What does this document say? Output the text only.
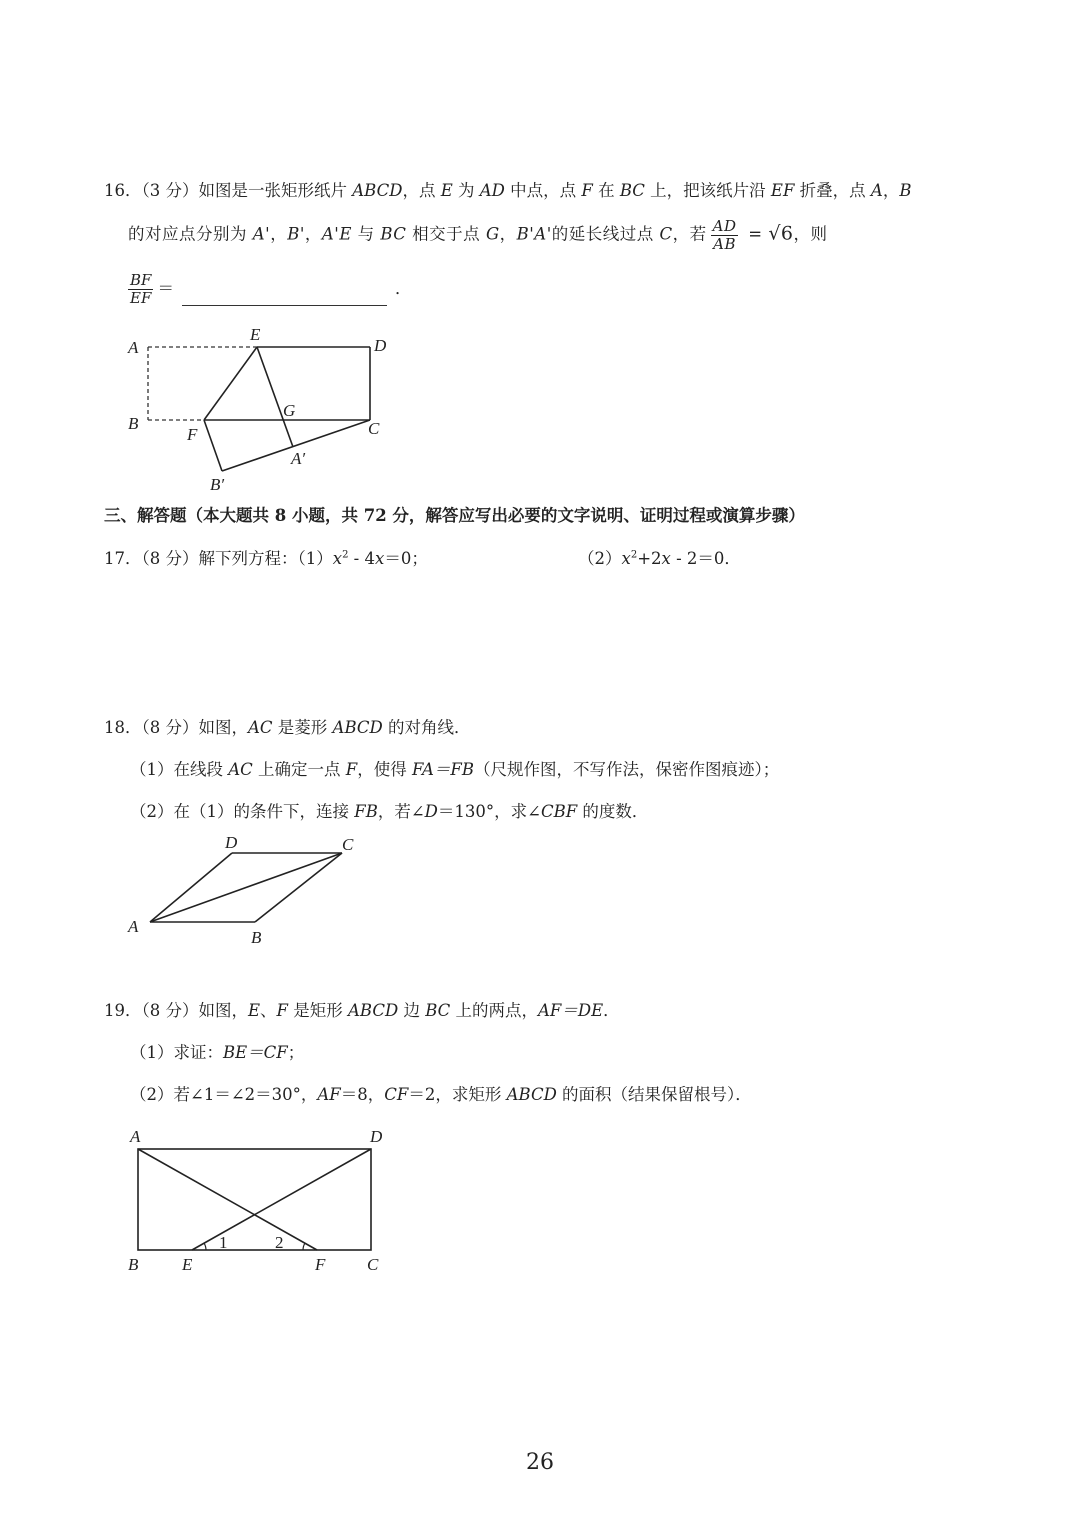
16．（3 分）如图是一张矩形纸片 ABCD，点 E 为 AD 中点，点 F 在 BC 上，把该纸片沿 EF 折叠，点 A，B
的对应点分别为 A'，B'，A'E 与 BC 相交于点 G，B'A'的延长线过点 C，若 $\frac{AD}{AB} = √6$，则
$\frac{BF}{EF}$ ＝	．
A
B
E
D
C
G
F
A′
B′
三、解答题（本大题共 8 小题，共 72 分，解答应写出必要的文字说明、证明过程或演算步骤）
17．（8 分）解下列方程：$(1)x^2 - 4x=0$；	$(2)x^2+2x - 2=0$．
18．（8 分）如图，AC 是菱形 ABCD 的对角线．
（1）在线段 AC 上确定一点 F，使得 FA＝FB（尺规作图，不写作法，保密作图痕迹）；
（2）在（1）的条件下，连接 FB，若∠D＝130°，求∠CBF 的度数．
A
B
C
D
19．（8 分）如图，E、F 是矩形 ABCD 边 BC 上的两点，AF＝DE．
（1）求证：BE＝CF；
（2）若∠1＝∠2＝30°，AF＝8，CF＝2，求矩形 ABCD 的面积（结果保留根号）．
A	D
B	E	F C
1	2
26
